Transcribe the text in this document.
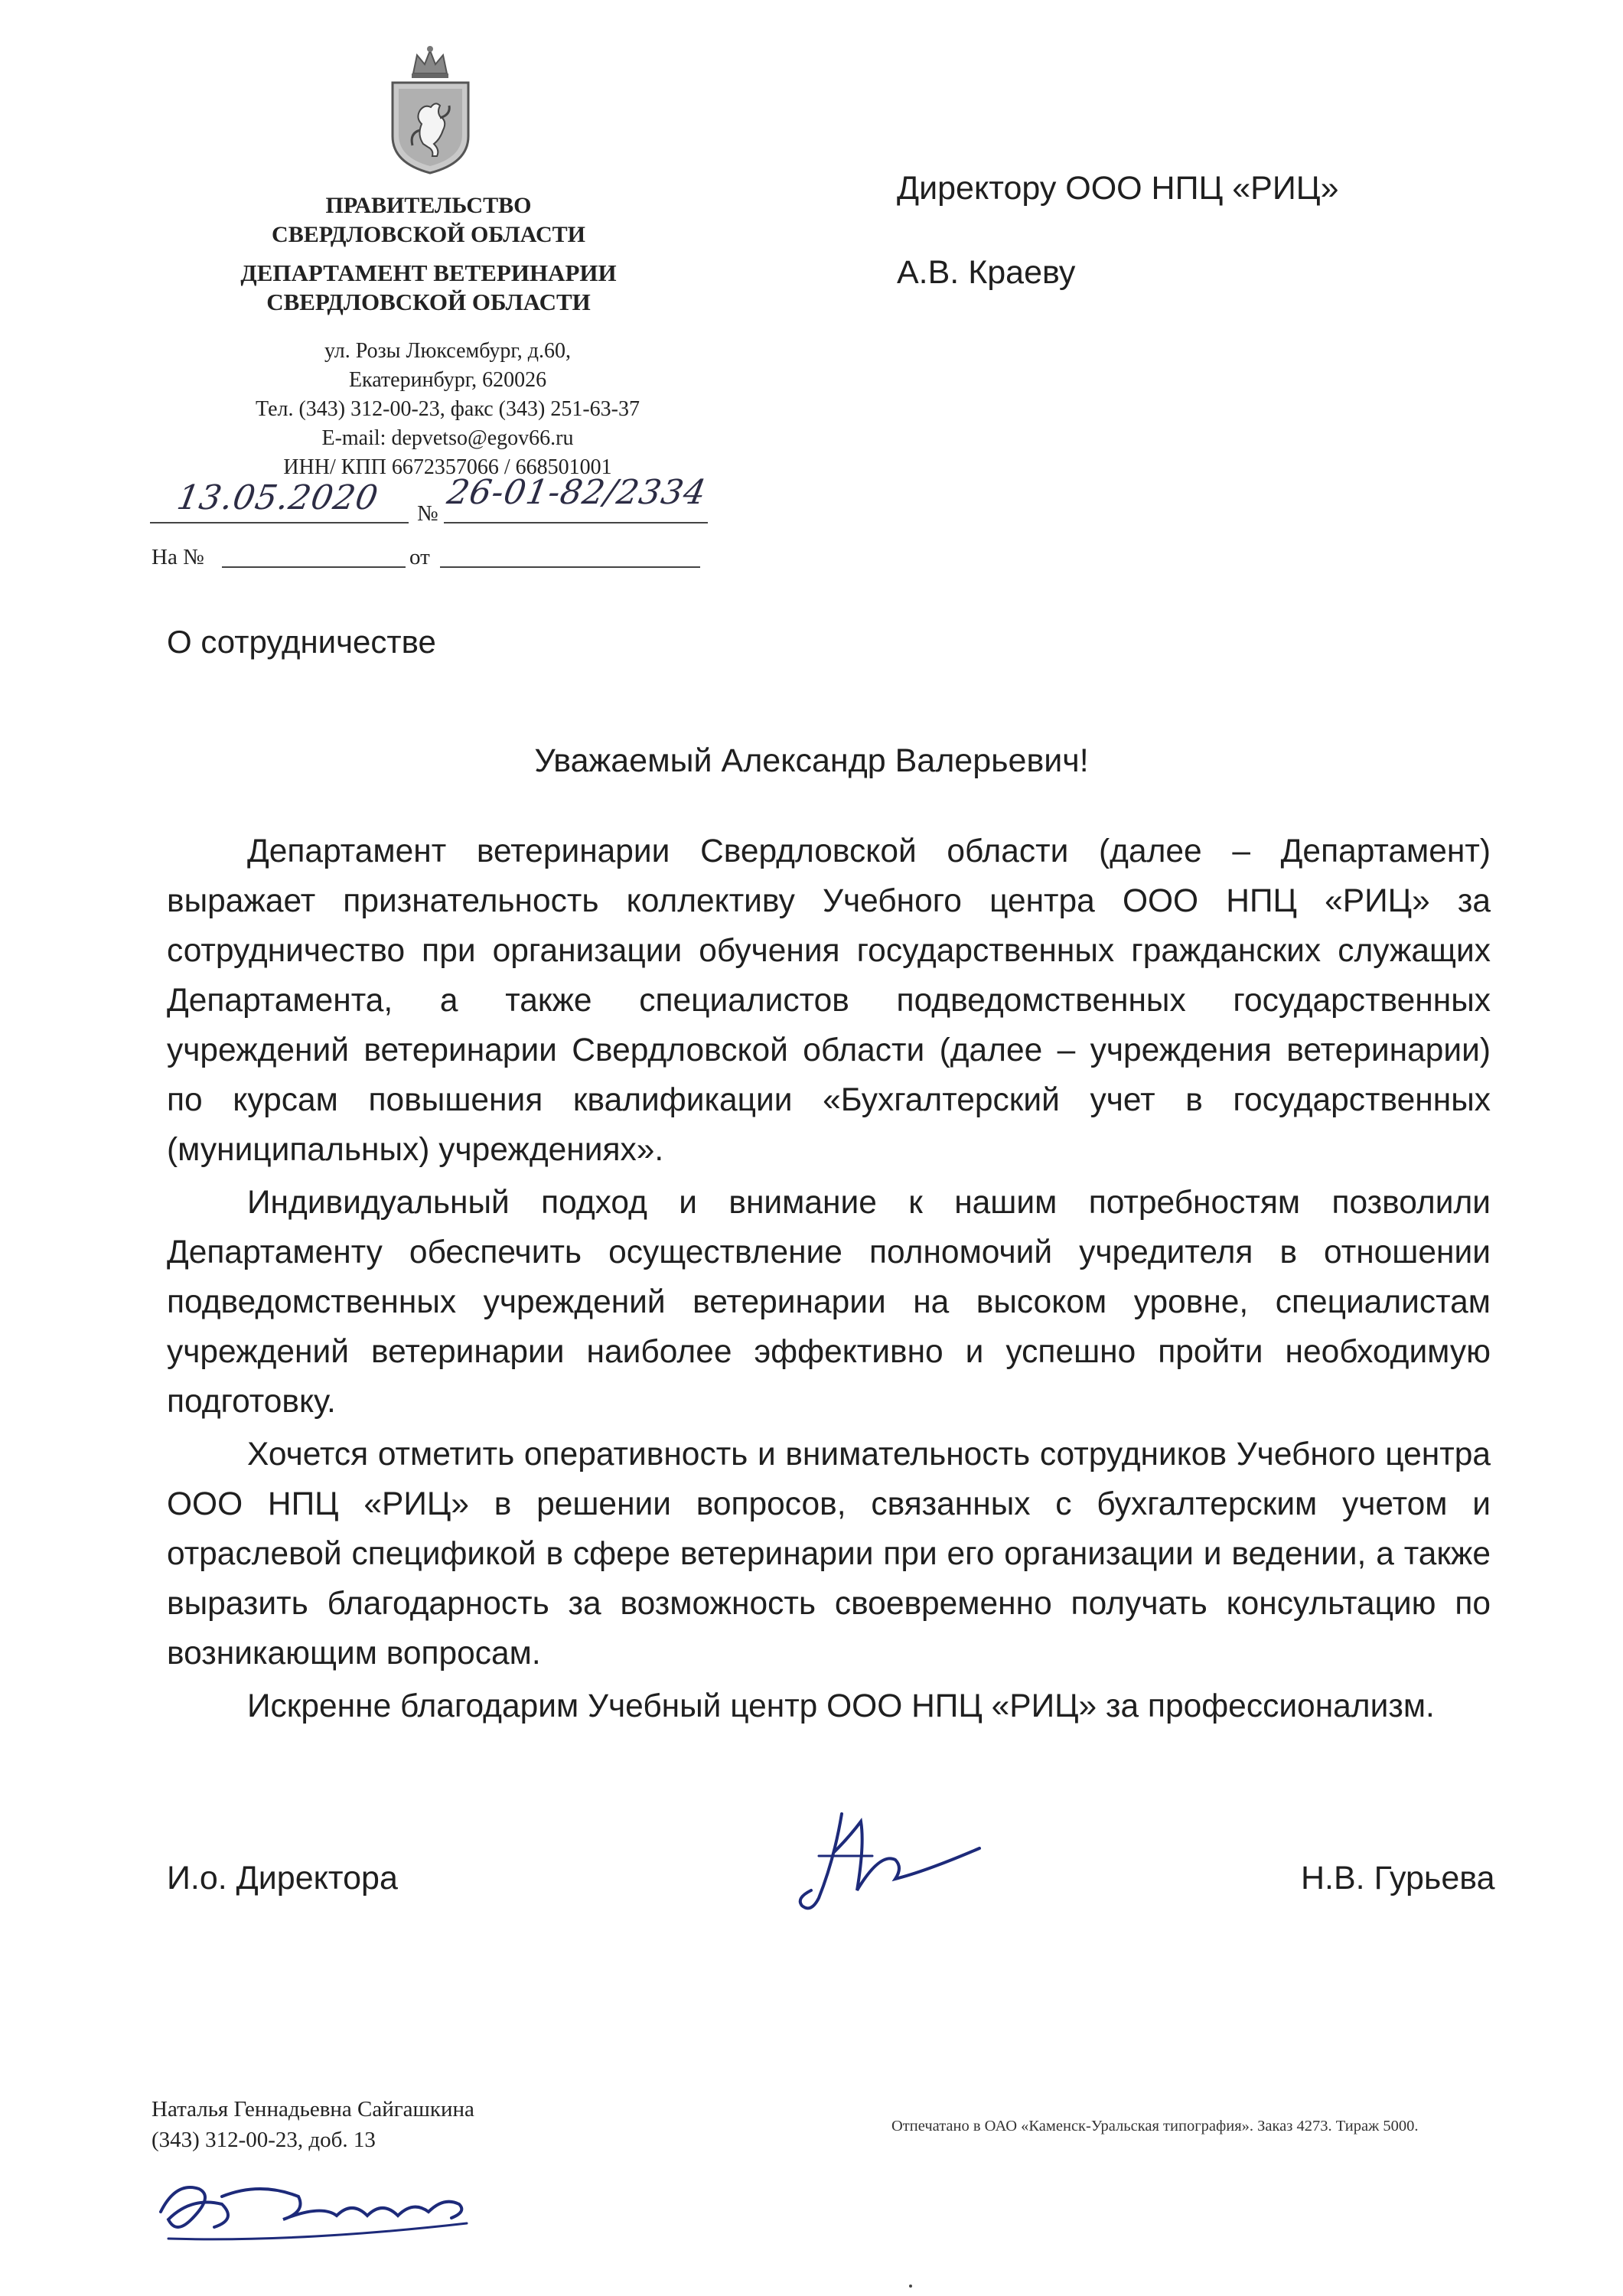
ПРАВИТЕЛЬСТВО
СВЕРДЛОВСКОЙ ОБЛАСТИ
ДЕПАРТАМЕНТ ВЕТЕРИНАРИИ
СВЕРДЛОВСКОЙ ОБЛАСТИ
ул. Розы Люксембург, д.60,
Екатеринбург, 620026
Тел. (343) 312-00-23, факс (343) 251-63-37
E-mail: depvetso@egov66.ru
ИНН/ КПП 6672357066 / 668501001
13.05.2020 №
26-01-82/2334
На №	от
Директору ООО НПЦ «РИЦ»
А.В. Краеву
О сотрудничестве
Уважаемый Александр Валерьевич!

Департамент ветеринарии Свердловской области (далее – Департамент) выражает признательность коллективу Учебного центра ООО НПЦ «РИЦ» за сотрудничество при организации обучения государственных гражданских служащих Департамента, а также специалистов подведомственных государственных учреждений ветеринарии Свердловской области (далее – учреждения ветеринарии) по курсам повышения квалификации «Бухгалтерский учет в государственных (муниципальных) учреждениях».

Индивидуальный подход и внимание к нашим потребностям позволили Департаменту обеспечить осуществление полномочий учредителя в отношении подведомственных учреждений ветеринарии на высоком уровне, специалистам учреждений ветеринарии наиболее эффективно и успешно пройти необходимую подготовку.

Хочется отметить оперативность и внимательность сотрудников Учебного центра ООО НПЦ «РИЦ» в решении вопросов, связанных с бухгалтерским учетом и отраслевой спецификой в сфере ветеринарии при его организации и ведении, а также выразить благодарность за возможность своевременно получать консультацию по возникающим вопросам.

Искренне благодарим Учебный центр ООО НПЦ «РИЦ» за профессионализм.

И.о. Директора	Н.В. Гурьева
Наталья Геннадьевна Сайгашкина
(343) 312-00-23, доб. 13
Отпечатано в ОАО «Каменск-Уральская типография». Заказ 4273. Тираж 5000.
